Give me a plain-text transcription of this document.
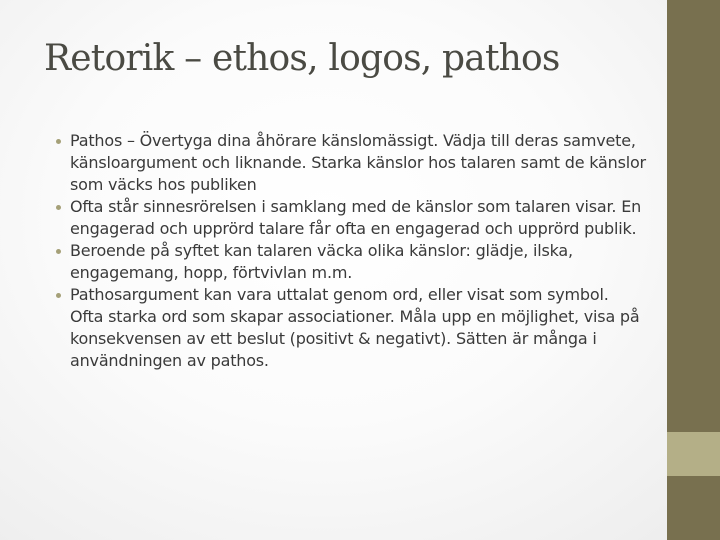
Retorik – ethos, logos, pathos
Pathos – Övertyga dina åhörare känslomässigt. Vädja till deras samvete, känsloargument och liknande. Starka känslor hos talaren samt de känslor som väcks hos publiken
Ofta står sinnesrörelsen i samklang med de känslor som talaren visar. En engagerad och upprörd talare får ofta en engagerad och upprörd publik.
Beroende på syftet kan talaren väcka olika känslor: glädje, ilska, engagemang, hopp, förtvivlan m.m.
Pathosargument kan vara uttalat genom ord, eller visat som symbol. Ofta starka ord som skapar associationer. Måla upp en möjlighet, visa på konsekvensen av ett beslut (positivt & negativt). Sätten är många i användningen av pathos.
